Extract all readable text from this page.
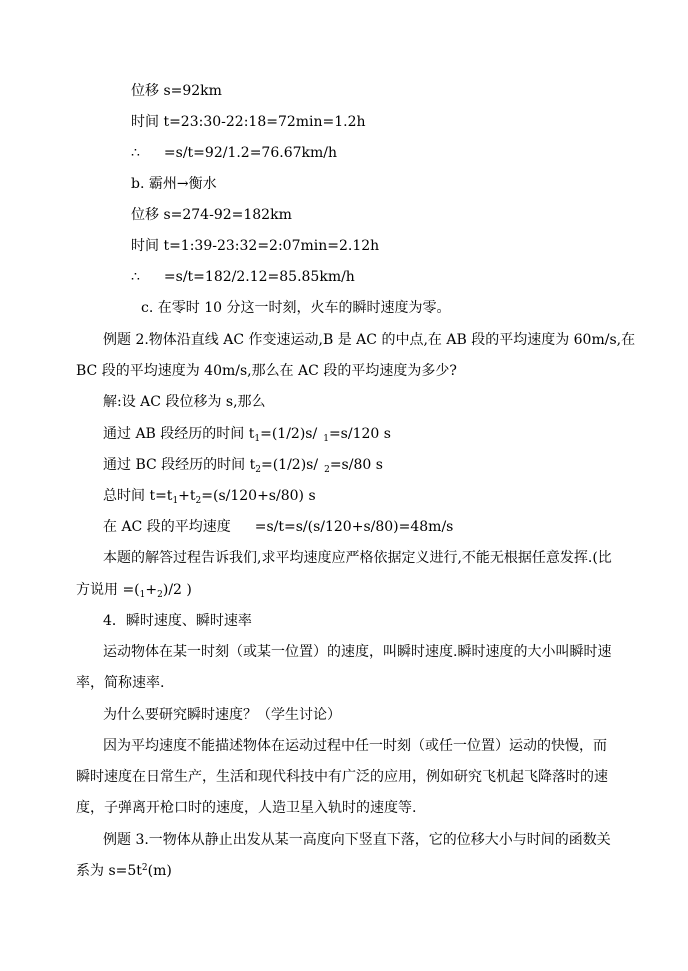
位移 s=92km
时间 t=23:30-22:18=72min=1.2h
∴ =s/t=92/1.2=76.67km/h
b. 霸州→衡水
位移 s=274-92=182km
时间 t=1:39-23:32=2:07min=2.12h
∴ =s/t=182/2.12=85.85km/h
c. 在零时 10 分这一时刻，火车的瞬时速度为零。
例题 2.物体沿直线 AC 作变速运动,B 是 AC 的中点,在 AB 段的平均速度为 60m/s,在
BC 段的平均速度为 40m/s,那么在 AC 段的平均速度为多少?
解:设 AC 段位移为 s,那么
通过 AB 段经历的时间 $t_1=(1/2)s/$ $_1$=s/120 s
通过 BC 段经历的时间 $t_2=(1/2)s/$ $_2$=s/80 s
总时间 $t=t_1+t_2=(s/120+s/80)$ s
在 AC 段的平均速度 =s/t=s/(s/120+s/80)=48m/s
本题的解答过程告诉我们,求平均速度应严格依据定义进行,不能无根据任意发挥.(比
方说用 $=(_1+_2)/2$ )
4．瞬时速度、瞬时速率
运动物体在某一时刻（或某一位置）的速度，叫瞬时速度.瞬时速度的大小叫瞬时速
率，简称速率.
为什么要研究瞬时速度？（学生讨论）
因为平均速度不能描述物体在运动过程中任一时刻（或任一位置）运动的快慢，而
瞬时速度在日常生产，生活和现代科技中有广泛的应用，例如研究飞机起飞降落时的速
度，子弹离开枪口时的速度，人造卫星入轨时的速度等.
例题 3.一物体从静止出发从某一高度向下竖直下落，它的位移大小与时间的函数关
系为 $s=5t^2(m)$
